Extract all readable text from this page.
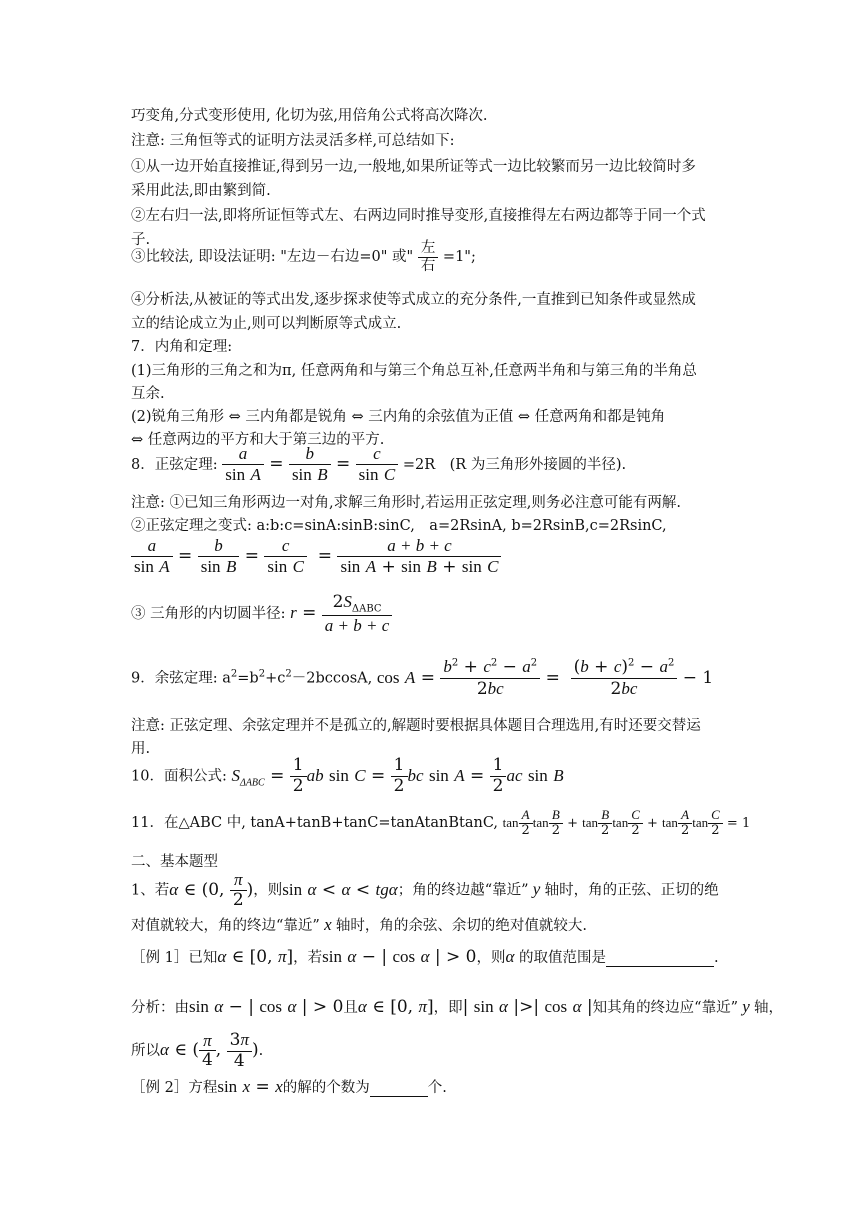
巧变角,分式变形使用, 化切为弦,用倍角公式将高次降次.
注意: 三角恒等式的证明方法灵活多样,可总结如下:
①从一边开始直接推证,得到另一边,一般地,如果所证等式一边比较繁而另一边比较简时多
采用此法,即由繁到简.
②左右归一法,即将所证恒等式左、右两边同时推导变形,直接推得左右两边都等于同一个式
子.
③比较法, 即设法证明: "左边－右边=0" 或" $\frac{\text{左}}{\text{右}} =1$";
④分析法,从被证的等式出发,逐步探求使等式成立的充分条件,一直推到已知条件或显然成
立的结论成立为止,则可以判断原等式成立.
7．内角和定理:
(1)三角形的三角之和为π, 任意两角和与第三个角总互补,任意两半角和与第三角的半角总
互余.
(2)锐角三角形 ⇔ 三内角都是锐角 ⇔ 三内角的余弦值为正值 ⇔ 任意两角和都是钝角
⇔ 任意两边的平方和大于第三边的平方.
8．正弦定理: $\frac{a}{\text{sin A}} = \frac{b}{\text{sin B}} = \frac{c}{\text{sin C}} =2R$　(R 为三角形外接圆的半径).
注意: ①已知三角形两边一对角,求解三角形时,若运用正弦定理,则务必注意可能有两解.
②正弦定理之变式: a:b:c=sinA:sinB:sinC,　a=2RsinA, b=2RsinB,c=2RsinC,
$\frac{a}{\text{sin A}} = \frac{b}{\text{sin B}} = \frac{c}{\text{sin C}} = \frac{a + b + c}{\text{sin A + sin B + sin C}}$
③ 三角形的内切圆半径: $r = \frac{2S_{\Delta ABC}}{a + b + c}$
9．余弦定理: $a^2=b^2+c^2-2bccosA$, $\cos A = \frac{b^2 + c^2 - a^2}{2bc} = \frac{(b + c)^2 - a^2}{2bc} - 1$
注意: 正弦定理、余弦定理并不是孤立的,解题时要根据具体题目合理选用,有时还要交替运
用.
10．面积公式: $S_{\Delta ABC} = \frac{1}{2}$ ab $\sin C = \frac{1}{2}$ bc $\sin A = \frac{1}{2}$ ac sin B
11．在△ABC 中, tanA+tanB+tanC=tanAtanBtanC, $\tan \frac{A}{2}$ $\tan \frac{B}{2} + \tan \frac{B}{2}$ $\tan \frac{C}{2} + \tan \frac{A}{2}$ $\tan \frac{C}{2} = 1$
二、基本题型
1、若α ∈ (0, $\frac{\pi}{2}$ )，则sin α < α < tgα；角的终边越“靠近” y 轴时，角的正弦、正切的绝
对值就较大，角的终边“靠近” x 轴时，角的余弦、余切的绝对值就较大.
［例 1］已知α ∈ [0, π]，若sin α − | cos α | > 0，则α 的取值范围是	.
分析：由sin α − | cos α | > 0且α ∈ [0, π]，即| sin α |>| cos α |知其角的终边应“靠近” y 轴，
所以α ∈ ( $\frac{\pi}{4}$ , $\frac{3\pi}{4}$ ).
［例 2］方程sin x = x的解的个数为	个.
